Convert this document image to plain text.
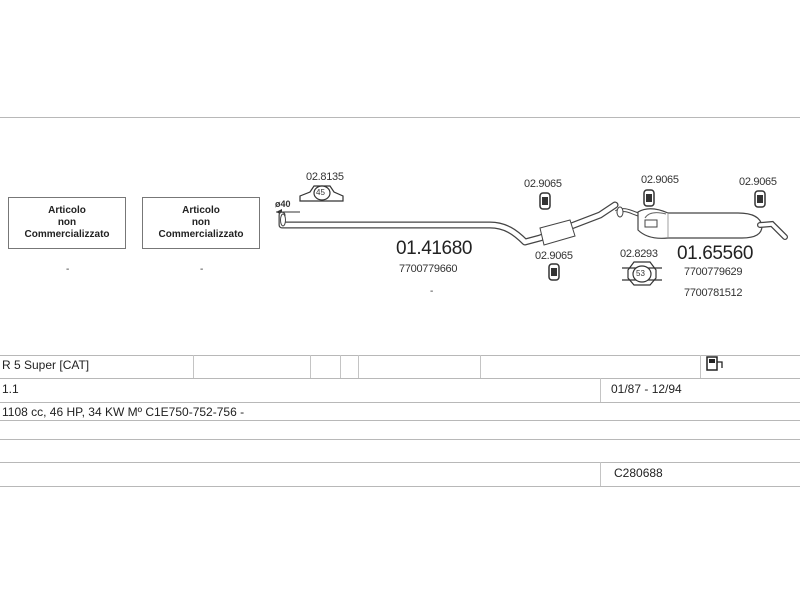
Articolo
non
Commercializzato
-
Articolo
non
Commercializzato
-
45
53
ø40
02.8135
02.9065	02.9065	02.9065
02.9065	02.8293
01.41680
7700779660
-
01.65560
7700779629
7700781512
R 5 Super [CAT]
1.1	01/87 - 12/94
1108 cc, 46 HP, 34 KW Mº C1E750-752-756 -
C280688
